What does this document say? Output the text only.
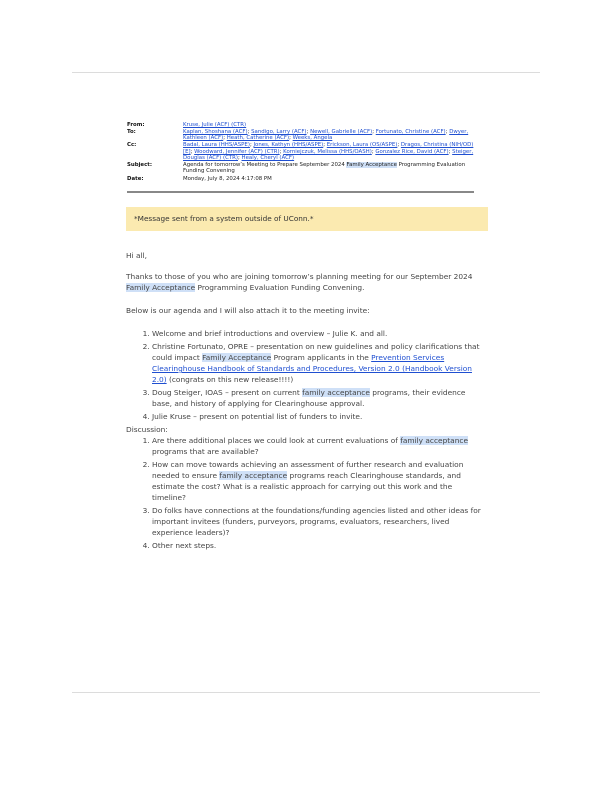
From:	Kruse, Julie (ACF) (CTR)
To:	Kaplan, Shoshana (ACF); Sandigo, Larry (ACF); Newell, Gabrielle (ACF); Fortunato, Christine (ACF); Dwyer, Kathleen (ACF); Heath, Catherine (ACF); Weeks, Angela
Cc:	Badal, Laura (HHS/ASPE); Jones, Kathyn (HHS/ASPE); Erickson, Laura (OS/ASPE); Dragos, Christina (NIH/OD) [E]; Woodward, Jennifer (ACF) (CTR); Korniejczuk, Melissa (HHS/OASH); Gonzalez Rice, David (ACF); Steiger, Douglas (ACF) (CTR); Healy, Cheryl (ACF)
Subject:	Agenda for tomorrow’s Meeting to Prepare September 2024 Family Acceptance Programming Evaluation Funding Convening
Date:	Monday, July 8, 2024 4:17:08 PM
*Message sent from a system outside of UConn.*
Hi all,
Thanks to those of you who are joining tomorrow’s planning meeting for our September 2024 Family Acceptance Programming Evaluation Funding Convening.
Below is our agenda and I will also attach it to the meeting invite:
1. Welcome and brief introductions and overview – Julie K. and all.
2. Christine Fortunato, OPRE – presentation on new guidelines and policy clarifications that could impact Family Acceptance Program applicants in the Prevention Services Clearinghouse Handbook of Standards and Procedures, Version 2.0 (Handbook Version 2.0) (congrats on this new release!!!!)
3. Doug Steiger, IOAS – present on current family acceptance programs, their evidence base, and history of applying for Clearinghouse approval.
4. Julie Kruse – present on potential list of funders to invite.
Discussion:
1. Are there additional places we could look at current evaluations of family acceptance programs that are available?
2. How can move towards achieving an assessment of further research and evaluation needed to ensure family acceptance programs reach Clearinghouse standards, and estimate the cost? What is a realistic approach for carrying out this work and the timeline?
3. Do folks have connections at the foundations/funding agencies listed and other ideas for important invitees (funders, purveyors, programs, evaluators, researchers, lived experience leaders)?
4. Other next steps.
